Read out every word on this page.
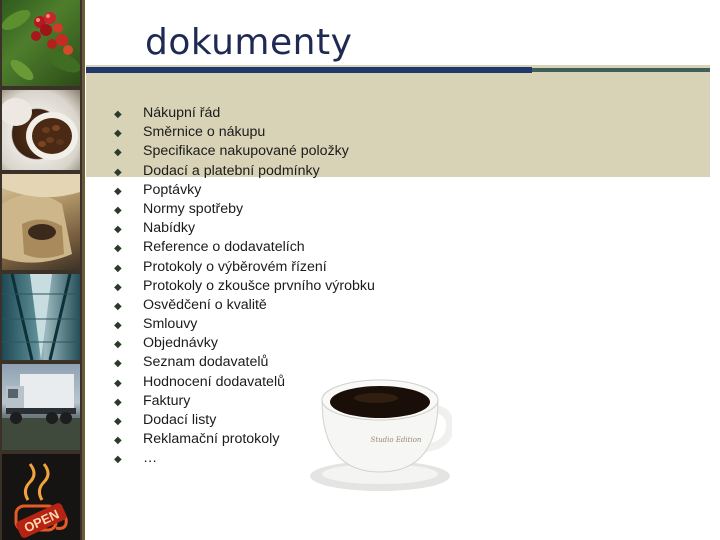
OPEN
dokumenty
◆ Nákupní řád
◆ Směrnice o nákupu
◆ Specifikace nakupované položky
◆ Dodací a platební podmínky
◆ Poptávky
◆ Normy spotřeby
◆ Nabídky
◆ Reference o dodavatelích
◆ Protokoly o výběrovém řízení
◆ Protokoly o zkoušce prvního výrobku
◆ Osvědčení o kvalitě
◆ Smlouvy
◆ Objednávky
◆ Seznam dodavatelů
◆ Hodnocení dodavatelů
◆ Faktury
◆ Dodací listy
◆ Reklamační protokoly
◆ …
Studio Edition
